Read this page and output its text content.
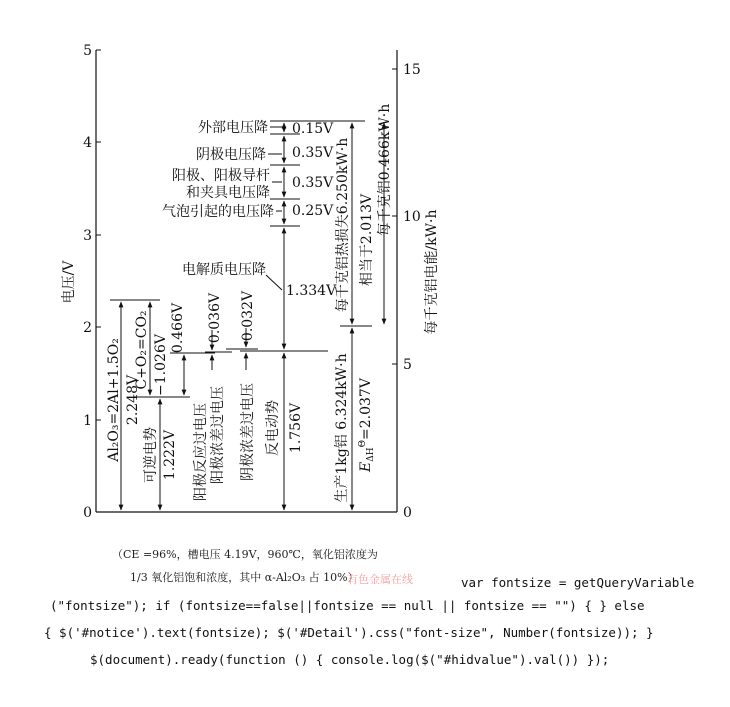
0
1
2
3
4
5
电压/V
0
5
10
15
每千克铝电能/kW·h
外部电压降
阴极电压降
阳极、阳极导杆
和夹具电压降
气泡引起的电压降
电解质电压降
0.15V
0.35V
0.35V
0.25V
1.334V
Al₂O₃=2Al+1.5O₂ 2.248V
可逆电势 1.222V
C+O₂=CO₂ −1.026V
0.466V
阳极反应过电压 阳极浓差过电压
0.036V
阴极浓差过电压
0.032V
反电动势 1.756V 生产1kg铝 6.324kW·h $E_{\Delta H}^\Theta=2.037V$
每千克铝热损失6.250kW·h 相当于2.013V
每千克铝0.466kW·h
（CE =96%，槽电压 4.19V，960℃，氧化铝浓度为
1/3 氧化铝饱和浓度，其中 α-Al₂O₃ 占 10%）
有色金属在线	var fontsize = getQueryVariable
("fontsize"); if (fontsize==false||fontsize == null || fontsize == "") { } else
{ $('#notice').text(fontsize); $('#Detail').css("font-size", Number(fontsize)); }
$(document).ready(function () { console.log($("#hidvalue").val()) });
